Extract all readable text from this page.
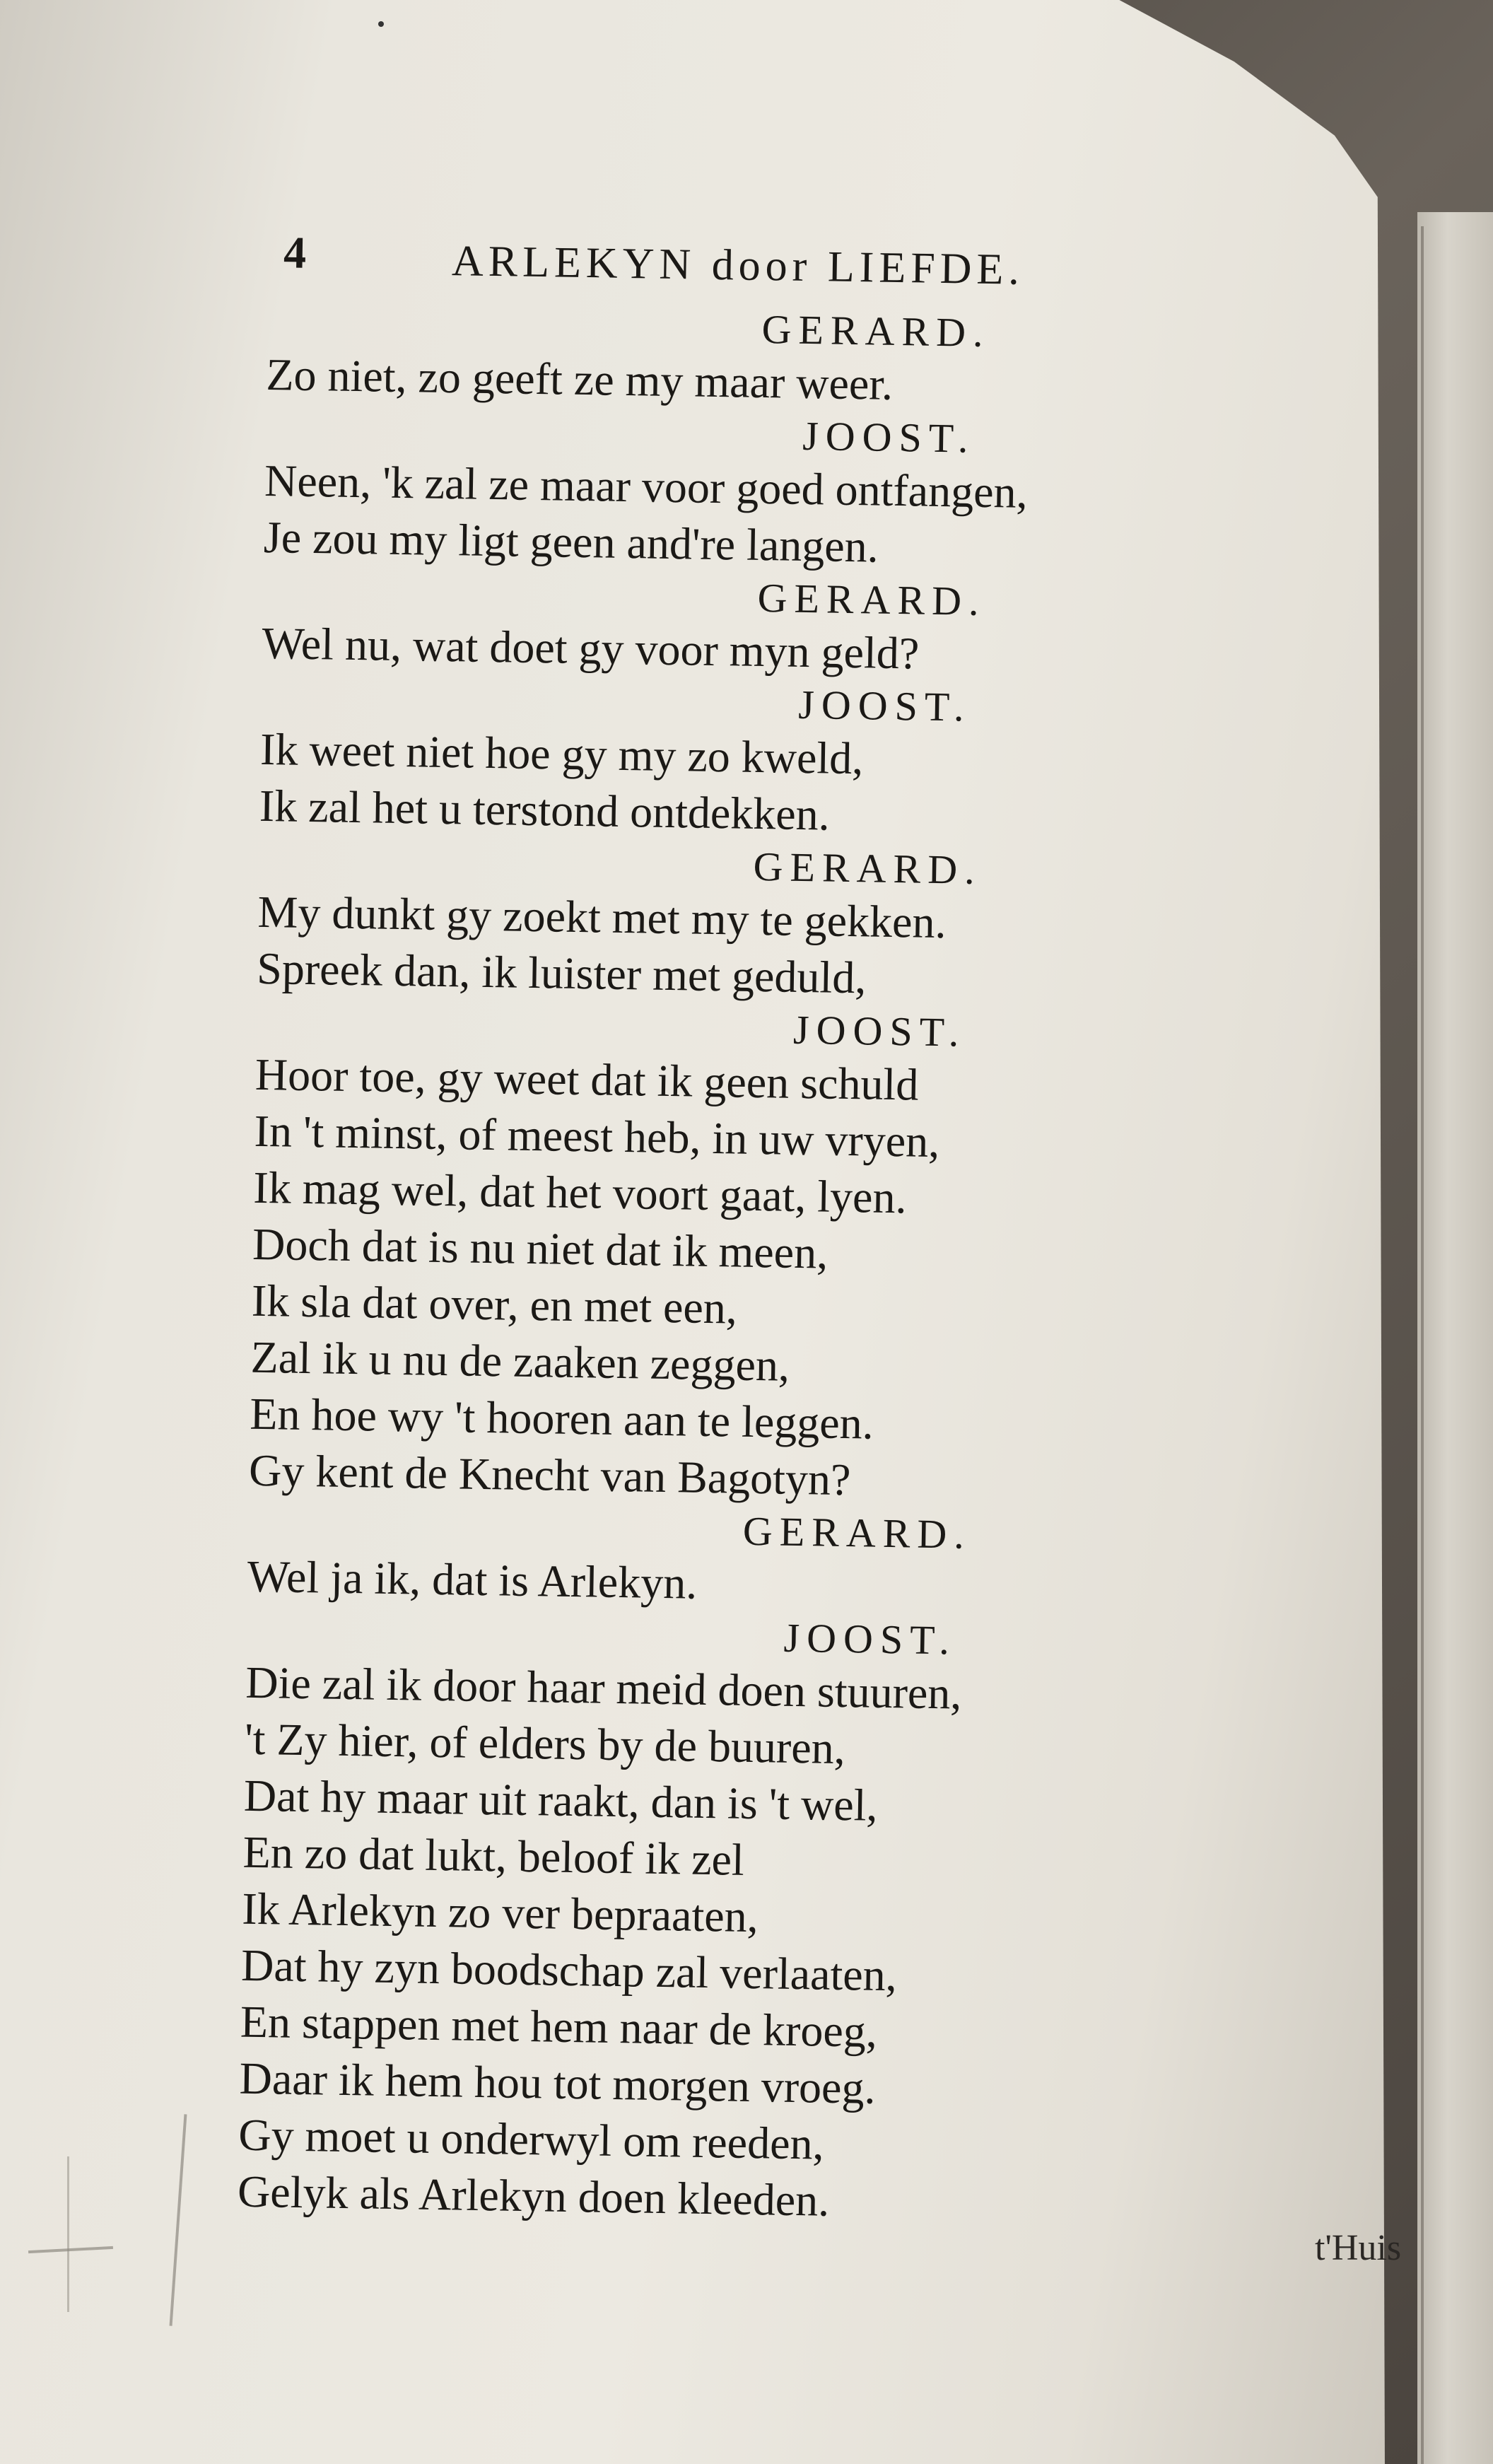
4	ARLEKYN door LIEFDE.
GERARD.
Zo niet, zo geeft ze my maar weer.
JOOST.
Neen, 'k zal ze maar voor goed ontfangen,
Je zou my ligt geen and're langen.
GERARD.
Wel nu, wat doet gy voor myn geld?
JOOST.
Ik weet niet hoe gy my zo kweld,
Ik zal het u terstond ontdekken.
GERARD.
My dunkt gy zoekt met my te gekken.
Spreek dan, ik luister met geduld,
JOOST.
Hoor toe, gy weet dat ik geen schuld
In 't minst, of meest heb, in uw vryen,
Ik mag wel, dat het voort gaat, lyen.
Doch dat is nu niet dat ik meen,
Ik sla dat over, en met een,
Zal ik u nu de zaaken zeggen,
En hoe wy 't hooren aan te leggen.
Gy kent de Knecht van Bagotyn?
GERARD.
Wel ja ik, dat is Arlekyn.
JOOST.
Die zal ik door haar meid doen stuuren,
't Zy hier, of elders by de buuren,
Dat hy maar uit raakt, dan is 't wel,
En zo dat lukt, beloof ik zel
Ik Arlekyn zo ver bepraaten,
Dat hy zyn boodschap zal verlaaten,
En stappen met hem naar de kroeg,
Daar ik hem hou tot morgen vroeg.
Gy moet u onderwyl om reeden,
Gelyk als Arlekyn doen kleeden.
t'Huis
